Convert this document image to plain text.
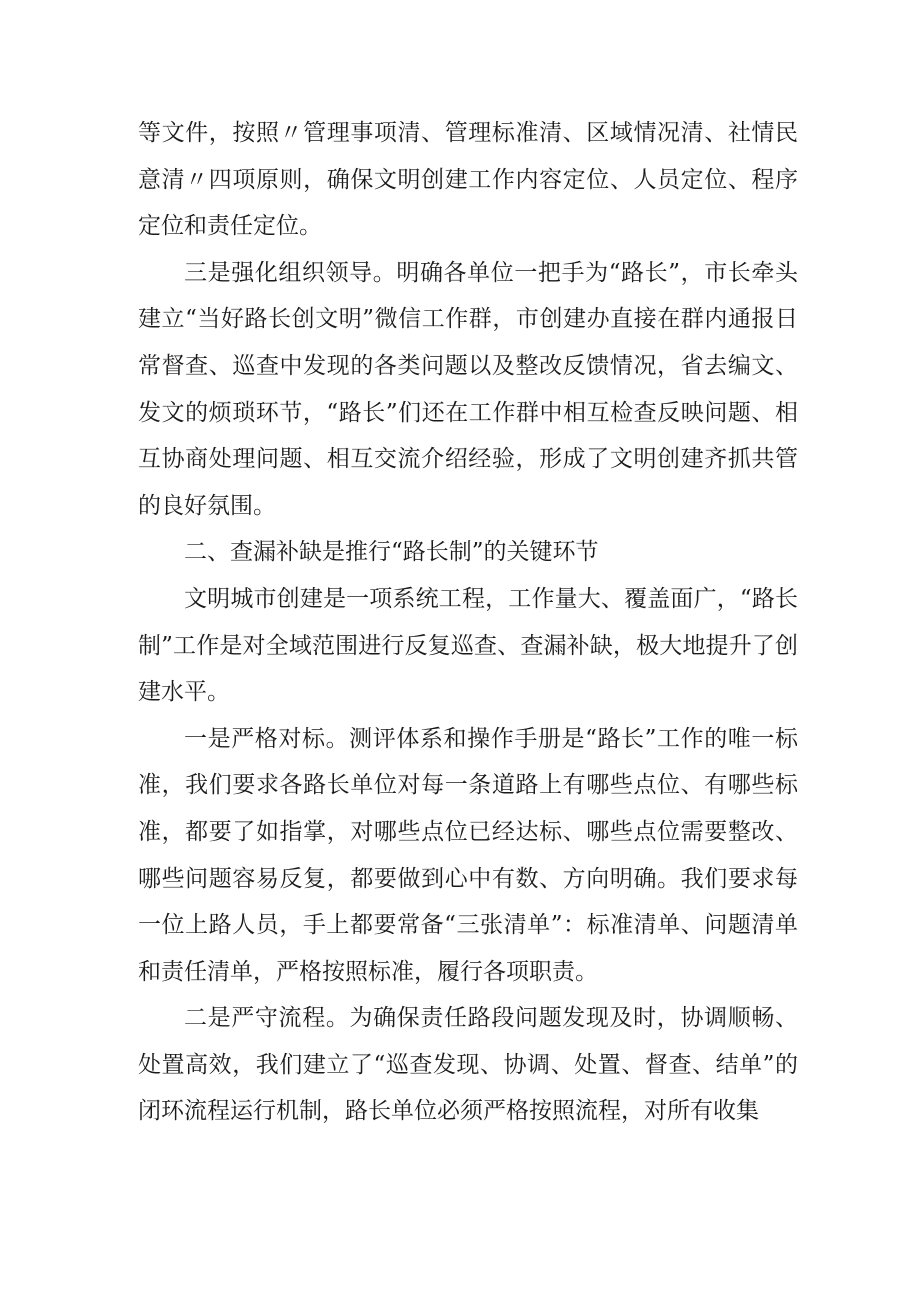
等文件，按照〃管理事项清、管理标准清、区域情况清、社情民意清〃四项原则，确保文明创建工作内容定位、人员定位、程序定位和责任定位。

三是强化组织领导。明确各单位一把手为“路长”，市长牵头建立“当好路长创文明”微信工作群，市创建办直接在群内通报日常督查、巡查中发现的各类问题以及整改反馈情况，省去编文、发文的烦琐环节，“路长”们还在工作群中相互检查反映问题、相互协商处理问题、相互交流介绍经验，形成了文明创建齐抓共管的良好氛围。

二、查漏补缺是推行“路长制”的关键环节

文明城市创建是一项系统工程，工作量大、覆盖面广，“路长制”工作是对全域范围进行反复巡查、查漏补缺，极大地提升了创建水平。

一是严格对标。测评体系和操作手册是“路长”工作的唯一标准，我们要求各路长单位对每一条道路上有哪些点位、有哪些标准，都要了如指掌，对哪些点位已经达标、哪些点位需要整改、哪些问题容易反复，都要做到心中有数、方向明确。我们要求每一位上路人员，手上都要常备“三张清单”：标准清单、问题清单和责任清单，严格按照标准，履行各项职责。

二是严守流程。为确保责任路段问题发现及时，协调顺畅、处置高效，我们建立了“巡查发现、协调、处置、督查、结单”的闭环流程运行机制，路长单位必须严格按照流程，对所有收集
